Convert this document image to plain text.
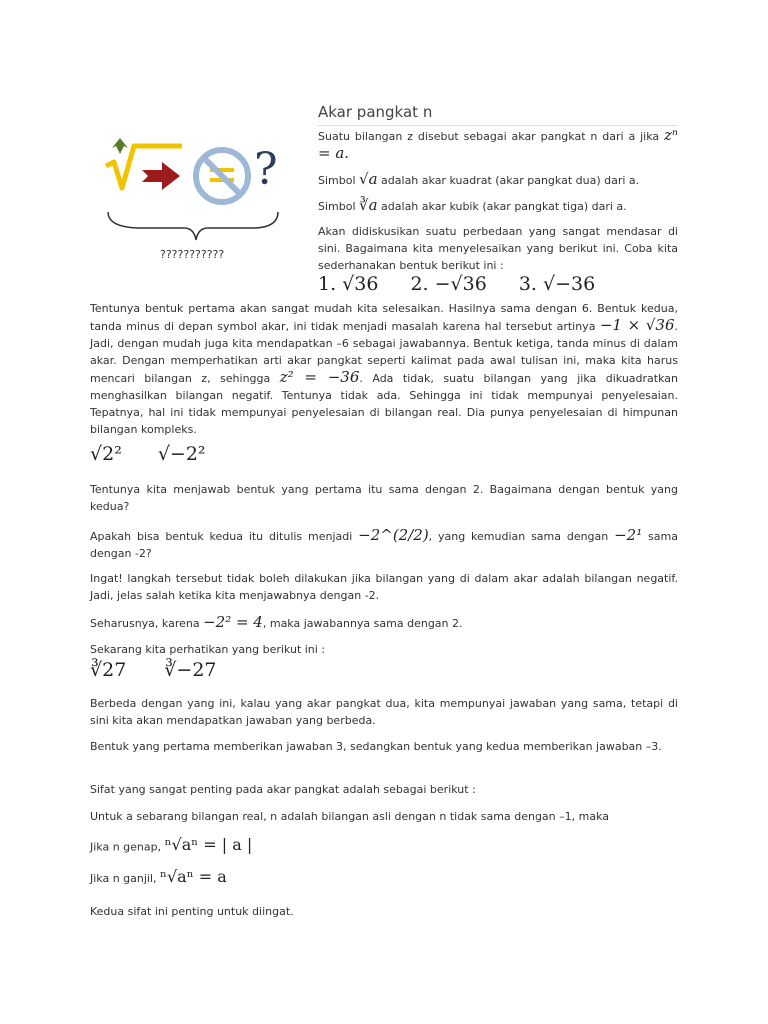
Akar pangkat n
?
???????????

Suatu bilangan z disebut sebagai akar pangkat n dari a jika zⁿ = a.

Simbol √a adalah akar kuadrat (akar pangkat dua) dari a.

Simbol ∛a adalah akar kubik (akar pangkat tiga) dari a.

Akan didiskusikan suatu perbedaan yang sangat mendasar di sini. Bagaimana kita menyelesaikan yang berikut ini. Coba kita sederhanakan bentuk berikut ini :

1. √36 2. −√36 3. √−36

Tentunya bentuk pertama akan sangat mudah kita selesaikan. Hasilnya sama dengan 6. Bentuk kedua, tanda minus di depan symbol akar, ini tidak menjadi masalah karena hal tersebut artinya −1 × √36. Jadi, dengan mudah juga kita mendapatkan –6 sebagai jawabannya. Bentuk ketiga, tanda minus di dalam akar. Dengan memperhatikan arti akar pangkat seperti kalimat pada awal tulisan ini, maka kita harus mencari bilangan z, sehingga z² = −36. Ada tidak, suatu bilangan yang jika dikuadratkan menghasilkan bilangan negatif. Tentunya tidak ada. Sehingga ini tidak mempunyai penyelesaian. Tepatnya, hal ini tidak mempunyai penyelesaian di bilangan real. Dia punya penyelesaian di himpunan bilangan kompleks.

√2² √−2²

Tentunya kita menjawab bentuk yang pertama itu sama dengan 2. Bagaimana dengan bentuk yang kedua?

Apakah bisa bentuk kedua itu ditulis menjadi −2^(2/2), yang kemudian sama dengan −2¹ sama dengan -2?

Ingat! langkah tersebut tidak boleh dilakukan jika bilangan yang di dalam akar adalah bilangan negatif. Jadi, jelas salah ketika kita menjawabnya dengan -2.

Seharusnya, karena −2² = 4, maka jawabannya sama dengan 2.

Sekarang kita perhatikan yang berikut ini :

∛27 ∛−27

Berbeda dengan yang ini, kalau yang akar pangkat dua, kita mempunyai jawaban yang sama, tetapi di sini kita akan mendapatkan jawaban yang berbeda.

Bentuk yang pertama memberikan jawaban 3, sedangkan bentuk yang kedua memberikan jawaban –3.

Sifat yang sangat penting pada akar pangkat adalah sebagai berikut :

Untuk a sebarang bilangan real, n adalah bilangan asli dengan n tidak sama dengan –1, maka

Jika n genap, ⁿ√aⁿ = | a |

Jika n ganjil, ⁿ√aⁿ = a

Kedua sifat ini penting untuk diingat.
